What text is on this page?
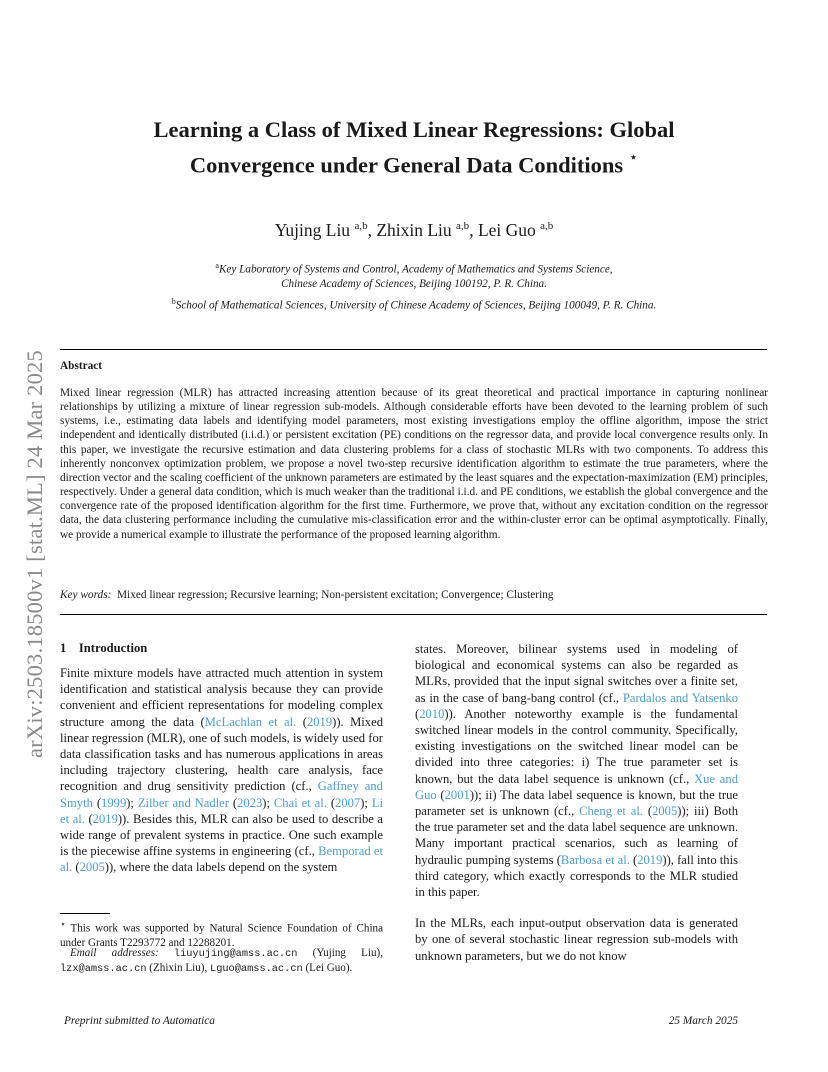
arXiv:2503.18500v1 [stat.ML] 24 Mar 2025
Learning a Class of Mixed Linear Regressions: Global
Convergence under General Data Conditions ⋆
Yujing Liu $^{a,b}$, Zhixin Liu $^{a,b}$, Lei Guo $^{a,b}$
$^a$Key Laboratory of Systems and Control, Academy of Mathematics and Systems Science,
Chinese Academy of Sciences, Beijing 100192, P. R. China.
$^b$School of Mathematical Sciences, University of Chinese Academy of Sciences, Beijing 100049, P. R. China.
Abstract
Mixed linear regression (MLR) has attracted increasing attention because of its great theoretical and practical importance in capturing nonlinear relationships by utilizing a mixture of linear regression sub-models. Although considerable efforts have been devoted to the learning problem of such systems, i.e., estimating data labels and identifying model parameters, most existing investigations employ the offline algorithm, impose the strict independent and identically distributed (i.i.d.) or persistent excitation (PE) conditions on the regressor data, and provide local convergence results only. In this paper, we investigate the recursive estimation and data clustering problems for a class of stochastic MLRs with two components. To address this inherently nonconvex optimization problem, we propose a novel two-step recursive identification algorithm to estimate the true parameters, where the direction vector and the scaling coefficient of the unknown parameters are estimated by the least squares and the expectation-maximization (EM) principles, respectively. Under a general data condition, which is much weaker than the traditional i.i.d. and PE conditions, we establish the global convergence and the convergence rate of the proposed identification algorithm for the first time. Furthermore, we prove that, without any excitation condition on the regressor data, the data clustering performance including the cumulative mis-classification error and the within-cluster error can be optimal asymptotically. Finally, we provide a numerical example to illustrate the performance of the proposed learning algorithm.
Key words: Mixed linear regression; Recursive learning; Non-persistent excitation; Convergence; Clustering
1 Introduction

Finite mixture models have attracted much attention in system identification and statistical analysis because they can provide convenient and efficient representations for modeling complex structure among the data (McLachlan et al. (2019)). Mixed linear regression (MLR), one of such models, is widely used for data classification tasks and has numerous applications in areas including trajectory clustering, health care analysis, face recognition and drug sensitivity prediction (cf., Gaffney and Smyth (1999); Zilber and Nadler (2023); Chai et al. (2007); Li et al. (2019)). Besides this, MLR can also be used to describe a wide range of prevalent systems in practice. One such example is the piecewise affine systems in engineering (cf., Bemporad et al. (2005)), where the data labels depend on the system

states. Moreover, bilinear systems used in modeling of biological and economical systems can also be regarded as MLRs, provided that the input signal switches over a finite set, as in the case of bang-bang control (cf., Pardalos and Yatsenko (2010)). Another noteworthy example is the fundamental switched linear models in the control community. Specifically, existing investigations on the switched linear model can be divided into three categories: i) The true parameter set is known, but the data label sequence is unknown (cf., Xue and Guo (2001)); ii) The data label sequence is known, but the true parameter set is unknown (cf., Cheng et al. (2005)); iii) Both the true parameter set and the data label sequence are unknown. Many important practical scenarios, such as learning of hydraulic pumping systems (Barbosa et al. (2019)), fall into this third category, which exactly corresponds to the MLR studied in this paper.

In the MLRs, each input-output observation data is generated by one of several stochastic linear regression sub-models with unknown parameters, but we do not know

⋆ This work was supported by Natural Science Foundation of China under Grants T2293772 and 12288201.
Email addresses: liuyujing@amss.ac.cn (Yujing Liu), lzx@amss.ac.cn (Zhixin Liu), Lguo@amss.ac.cn (Lei Guo).
Preprint submitted to Automatica	25 March 2025
